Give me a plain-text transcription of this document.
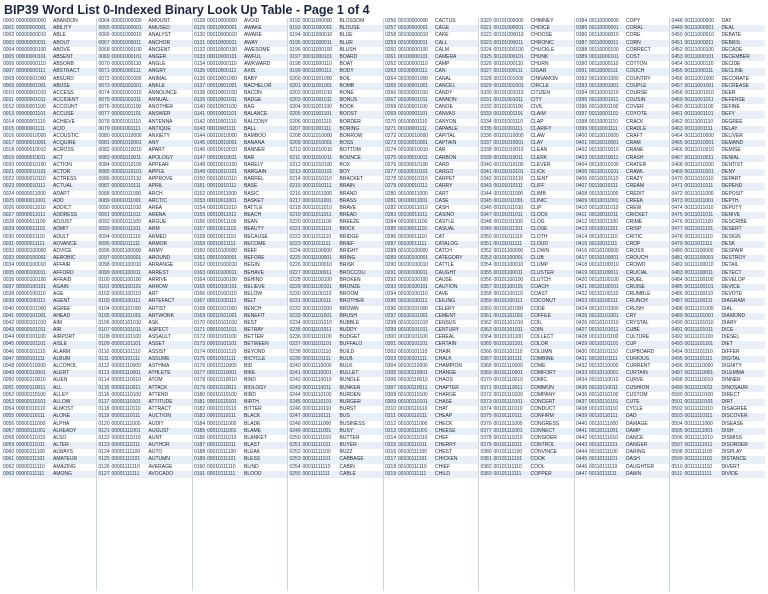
BIP39 Word List 0-Indexed Binary Look Up Table - Page 1 of 4
0000 00000000000 ABANDON
0001 00000000001 ABILITY
0002 00000000010 ABLE
0003 00000000011 ABOUT
0004 00000000100 ABOVE
0005 00000000101 ABSENT
0006 00000000110 ABSORB
0007 00000000111 ABSTRACT
0008 00000001000 ABSURD
0009 00000001001 ABUSE
0010 00000001010 ACCESS
0011 00000001011 ACCIDENT
0012 00000001100 ACCOUNT
0013 00000001101 ACCUSE
0014 00000001110 ACHIEVE
0015 00000001111 ACID
0016 00000010000 ACOUSTIC
0017 00000010001 ACQUIRE
0018 00000010010 ACROSS
0019 00000010011 ACT
0020 00000010100 ACTION
0021 00000010101 ACTOR
0022 00000010110 ACTRESS
0023 00000010111 ACTUAL
0024 00000011000 ADAPT
0025 00000011001 ADD
0026 00000011010 ADDICT
0027 00000011011 ADDRESS
0028 00000011100 ADJUST
0029 00000011101 ADMIT
0030 00000011110 ADULT
0031 00000011111 ADVANCE
0032 00000100000 ADVICE
0033 00000100001 AEROBIC
0034 00000100010 AFFAIR
0035 00000100011 AFFORD
0036 00000100100 AFRAID
0037 00000100101 AGAIN
0038 00000100110 AGE
0039 00000100111 AGENT
0040 00000101000 AGREE
0041 00000101001 AHEAD
0042 00000101010 AIM
0043 00000101011 AIR
0044 00000101100 AIRPORT
0045 00000101101 AISLE
0046 00000101110 ALARM
0047 00000101111 ALBUM
0048 00000110000 ALCOHOL
0049 00000110001 ALERT
0050 00000110010 ALIEN
0051 00000110011 ALL
0052 00000110100 ALLEY
0053 00000110101 ALLOW
0054 00000110110 ALMOST
0055 00000110111 ALONE
0056 00000111000 ALPHA
0057 00000111001 ALREADY
0058 00000111010 ALSO
0059 00000111011 ALTER
0060 00000111100 ALWAYS
0061 00000111101 AMATEUR
0062 00000111110 AMAZING
0063 00000111111 AMONG
0064 00001000000 AMOUNT
0065 00001000001 AMUSED
0066 00001000010 ANALYST
0067 00001000011 ANCHOR
0068 00001000100 ANCIENT
0069 00001000101 ANGER
0070 00001000110 ANGLE
0071 00001000111 ANGRY
0072 00001001000 ANIMAL
0073 00001001001 ANKLE
0074 00001001010 ANNOUNCE
0075 00001001011 ANNUAL
0076 00001001100 ANOTHER
0077 00001001101 ANSWER
0078 00001001110 ANTENNA
0079 00001001111 ANTIQUE
0080 00001010000 ANXIETY
0081 00001010001 ANY
0082 00001010010 APART
0083 00001010011 APOLOGY
0084 00001010100 APPEAR
0085 00001010101 APPLE
0086 00001010110 APPROVE
0087 00001010111 APRIL
0088 00001011000 ARCH
0089 00001011001 ARCTIC
0090 00001011010 AREA
0091 00001011011 ARENA
0092 00001011100 ARGUE
0093 00001011101 ARM
0094 00001011110 ARMED
0095 00001011111 ARMOR
0096 00001100000 ARMY
0097 00001100001 AROUND
0098 00001100010 ARRANGE
0099 00001100011 ARREST
0100 00001100100 ARRIVE
0101 00001100101 ARROW
0102 00001100110 ART
0103 00001100111 ARTEFACT
0104 00001101000 ARTIST
0105 00001101001 ARTWORK
0106 00001101010 ASK
0107 00001101011 ASPECT
0108 00001101100 ASSAULT
0109 00001101101 ASSET
0110 00001101110 ASSIST
0111 00001101111 ASSUME
0112 00001110000 ASTHMA
0113 00001110001 ATHLETE
0114 00001110010 ATOM
0115 00001110011 ATTACK
0116 00001110100 ATTEND
0117 00001110101 ATTITUDE
0118 00001110110 ATTRACT
0119 00001110111 AUCTION
0120 00001111000 AUDIT
0121 00001111001 AUGUST
0122 00001111010 AUNT
0123 00001111011 AUTHOR
0124 00001111100 AUTO
0125 00001111101 AUTUMN
0126 00001111110 AVERAGE
0127 00001111111 AVOCADO
0128 00010000000 AVOID
0129 00010000001 AWAKE
0130 00010000010 AWARE
0131 00010000011 AWAY
0132 00010000100 AWESOME
0133 00010000101 AWFUL
0134 00010000110 AWKWARD
0135 00010000111 AXIS
0136 00010001000 BABY
0137 00010001001 BACHELOR
0138 00010001010 BACON
0139 00010001011 BADGE
0140 00010001100 BAG
0141 00010001101 BALANCE
0142 00010001110 BALCONY
0143 00010001111 BALL
0144 00010010000 BAMBOO
0145 00010010001 BANANA
0146 00010010010 BANNER
0147 00010010011 BAR
0148 00010010100 BARELY
0149 00010010101 BARGAIN
0150 00010010110 BARREL
0151 00010010111 BASE
0152 00010011000 BASIC
0153 00010011001 BASKET
0154 00010011010 BATTLE
0155 00010011011 BEACH
0156 00010011100 BEAN
0157 00010011101 BEAUTY
0158 00010011110 BECAUSE
0159 00010011111 BECOME
0160 00010100000 BEEF
0161 00010100001 BEFORE
0162 00010100010 BEGIN
0163 00010100011 BEHAVE
0164 00010100100 BEHIND
0165 00010100101 BELIEVE
0166 00010100110 BELOW
0167 00010100111 BELT
0168 00010101000 BENCH
0169 00010101001 BENEFIT
0170 00010101010 BEST
0171 00010101011 BETRAY
0172 00010101100 BETTER
0173 00010101101 BETWEEN
0174 00010101110 BEYOND
0175 00010101111 BICYCLE
0176 00010110000 BID
0177 00010110001 BIKE
0178 00010110010 BIND
0179 00010110011 BIOLOGY
0180 00010110100 BIRD
0181 00010110101 BIRTH
0182 00010110110 BITTER
0183 00010110111 BLACK
0184 00010111000 BLADE
0185 00010111001 BLAME
0186 00010111010 BLANKET
0187 00010111011 BLAST
0188 00010111100 BLEAK
0189 00010111101 BLESS
0190 00010111110 BLIND
0191 00010111111 BLOOD
0192 00011000000 BLOSSOM
0193 00011000001 BLOUSE
0194 00011000010 BLUE
0195 00011000011 BLUR
0196 00011000100 BLUSH
0197 00011000101 BOARD
0198 00011000110 BOAT
0199 00011000111 BODY
0200 00011001000 BOIL
0201 00011001001 BOMB
0202 00011001010 BONE
0203 00011001011 BONUS
0204 00011001100 BOOK
0205 00011001101 BOOST
0206 00011001110 BORDER
0207 00011001111 BORING
0208 00011010000 BORROW
0209 00011010001 BOSS
0210 00011010010 BOTTOM
0211 00011010011 BOUNCE
0212 00011010100 BOX
0213 00011010101 BOY
0214 00011010110 BRACKET
0215 00011010111 BRAIN
0216 00011011000 BRAND
0217 00011011001 BRASS
0218 00011011010 BRAVE
0219 00011011011 BREAD
0220 00011011100 BREEZE
0221 00011011101 BRICK
0222 00011011110 BRIDGE
0223 00011011111 BRIEF
0224 00011100000 BRIGHT
0225 00011100001 BRING
0226 00011100010 BRISK
0227 00011100011 BROCCOLI
0228 00011100100 BROKEN
0229 00011100101 BRONZE
0230 00011100110 BROOM
0231 00011100111 BROTHER
0232 00011101000 BROWN
0233 00011101001 BRUSH
0234 00011101010 BUBBLE
0235 00011101011 BUDDY
0236 00011101100 BUDGET
0237 00011101101 BUFFALO
0238 00011101110 BUILD
0239 00011101111 BULB
0240 00011110000 BULK
0241 00011110001 BULLET
0242 00011110010 BUNDLE
0243 00011110011 BUNKER
0244 00011110100 BURDEN
0245 00011110101 BURGER
0246 00011110110 BURST
0247 00011110111 BUS
0248 00011111000 BUSINESS
0249 00011111001 BUSY
0250 00011111010 BUTTER
0251 00011111011 BUYER
0252 00011111100 BUZZ
0253 00011111101 CABBAGE
0254 00011111110 CABIN
0255 00011111111 CABLE
0256 00100000000 CACTUS
0257 00100000001 CAGE
0258 00100000010 CAKE
0259 00100000011 CALL
0260 00100000100 CALM
0261 00100000101 CAMERA
0262 00100000110 CAMP
0263 00100000111 CAN
0264 00100001000 CANAL
0265 00100001001 CANCEL
0266 00100001010 CANDY
0267 00100001011 CANNON
0268 00100001100 CANOE
0269 00100001101 CANVAS
0270 00100001110 CANYON
0271 00100001111 CAPABLE
0272 00100010000 CAPITAL
0273 00100010001 CAPTAIN
0274 00100010010 CAR
0275 00100010011 CARBON
0276 00100010100 CARD
0277 00100010101 CARGO
0278 00100010110 CARPET
0279 00100010111 CARRY
0280 00100011000 CART
0281 00100011001 CASE
0282 00100011010 CASH
0283 00100011011 CASINO
0284 00100011100 CASTLE
0285 00100011101 CASUAL
0286 00100011110 CAT
0287 00100011111 CATALOG
0288 00100100000 CATCH
0289 00100100001 CATEGORY
0290 00100100010 CATTLE
0291 00100100011 CAUGHT
0292 00100100100 CAUSE
0293 00100100101 CAUTION
0294 00100100110 CAVE
0295 00100100111 CEILING
0296 00100101000 CELERY
0297 00100101001 CEMENT
0298 00100101010 CENSUS
0299 00100101011 CENTURY
0300 00100101100 CEREAL
0301 00100101101 CERTAIN
0302 00100101110 CHAIR
0303 00100101111 CHALK
0304 00100110000 CHAMPION
0305 00100110001 CHANGE
0306 00100110010 CHAOS
0307 00100110011 CHAPTER
0308 00100110100 CHARGE
0309 00100110101 CHASE
0310 00100110110 CHAT
0311 00100110111 CHEAP
0312 00100111000 CHECK
0313 00100111001 CHEESE
0314 00100111010 CHEF
0315 00100111011 CHERRY
0316 00100111100 CHEST
0317 00100111101 CHICKEN
0318 00100111110 CHIEF
0319 00100111111 CHILD
0320 00101000000 CHIMNEY
0321 00101000001 CHOICE
0322 00101000010 CHOOSE
0323 00101000011 CHRONIC
0324 00101000100 CHUCKLE
0325 00101000101 CHUNK
0326 00101000110 CHURN
0327 00101000111 CIGAR
0328 00101001000 CINNAMON
0329 00101001001 CIRCLE
0330 00101001010 CITIZEN
0331 00101001011 CITY
0332 00101001100 CIVIL
0333 00101001101 CLAIM
0334 00101001110 CLAP
0335 00101001111 CLARIFY
0336 00101010000 CLAW
0337 00101010001 CLAY
0338 00101010010 CLEAN
0339 00101010011 CLERK
0340 00101010100 CLEVER
0341 00101010101 CLICK
0342 00101010110 CLIENT
0343 00101010111 CLIFF
0344 00101011000 CLIMB
0345 00101011001 CLINIC
0346 00101011010 CLIP
0347 00101011011 CLOCK
0348 00101011100 CLOG
0349 00101011101 CLOSE
0350 00101011110 CLOTH
0351 00101011111 CLOUD
0352 00101100000 CLOWN
0353 00101100001 CLUB
0354 00101100010 CLUMP
0355 00101100011 CLUSTER
0356 00101100100 CLUTCH
0357 00101100101 COACH
0358 00101100110 COAST
0359 00101100111 COCONUT
0360 00101101000 CODE
0361 00101101001 COFFEE
0362 00101101010 COIL
0363 00101101011 COIN
0364 00101101100 COLLECT
0365 00101101101 COLOR
0366 00101101110 COLUMN
0367 00101101111 COMBINE
0368 00101110000 COME
0369 00101110001 COMFORT
0370 00101110010 COMIC
0371 00101110011 COMMON
0372 00101110100 COMPANY
0373 00101110101 CONCERT
0374 00101110110 CONDUCT
0375 00101110111 CONFIRM
0376 00101111000 CONGRESS
0377 00101111001 CONNECT
0378 00101111010 CONSIDER
0379 00101111011 CONTROL
0380 00101111100 CONVINCE
0381 00101111101 COOK
0382 00101111110 COOL
0383 00101111111 COPPER
0384 00110000000 COPY
0385 00110000001 CORAL
0386 00110000010 CORE
0387 00110000011 CORN
0388 00110000100 CORRECT
0389 00110000101 COST
0390 00110000110 COTTON
0391 00110000111 COUCH
0392 00110001000 COUNTRY
0393 00110001001 COUPLE
0394 00110001010 COURSE
0395 00110001011 COUSIN
0396 00110001100 COVER
0397 00110001101 COYOTE
0398 00110001110 CRACK
0399 00110001111 CRADLE
0400 00110010000 CRAFT
0401 00110010001 CRAM
0402 00110010010 CRANE
0403 00110010011 CRASH
0404 00110010100 CRATER
0405 00110010101 CRAWL
0406 00110010110 CRAZY
0407 00110010111 CREAM
0408 00110011000 CREDIT
0409 00110011001 CREEK
0410 00110011010 CREW
0411 00110011011 CRICKET
0412 00110011100 CRIME
0413 00110011101 CRISP
0414 00110011110 CRITIC
0415 00110011111 CROP
0416 00110100000 CROSS
0417 00110100001 CROUCH
0418 00110100010 CROWD
0419 00110100011 CRUCIAL
0420 00110100100 CRUEL
0421 00110100101 CRUISE
0422 00110100110 CRUMBLE
0423 00110100111 CRUNCH
0424 00110101000 CRUSH
0425 00110101001 CRY
0426 00110101010 CRYSTAL
0427 00110101011 CUBE
0428 00110101100 CULTURE
0429 00110101101 CUP
0430 00110101110 CUPBOARD
0431 00110101111 CURIOUS
0432 00110110000 CURRENT
0433 00110110001 CURTAIN
0434 00110110010 CURVE
0435 00110110011 CUSHION
0436 00110110100 CUSTOM
0437 00110110101 CUTE
0438 00110110110 CYCLE
0439 00110110111 DAD
0440 00110111000 DAMAGE
0441 00110111001 DAMP
0442 00110111010 DANCE
0443 00110111011 DANGER
0444 00110111100 DARING
0445 00110111101 DASH
0446 00110111110 DAUGHTER
0447 00110111111 DAWN
0448 00111000000 DAY
0449 00111000001 DEAL
0450 00111000010 DEBATE
0451 00111000011 DEBRIS
0452 00111000100 DECADE
0453 00111000101 DECEMBER
0454 00111000110 DECIDE
0455 00111000111 DECLINE
0456 00111001000 DECORATE
0457 00111001001 DECREASE
0458 00111001010 DEER
0459 00111001011 DEFENSE
0460 00111001100 DEFINE
0461 00111001101 DEFY
0462 00111001110 DEGREE
0463 00111001111 DELAY
0464 00111010000 DELIVER
0465 00111010001 DEMAND
0466 00111010010 DEMISE
0467 00111010011 DENIAL
0468 00111010100 DENTIST
0469 00111010101 DENY
0470 00111010110 DEPART
0471 00111010111 DEPEND
0472 00111011000 DEPOSIT
0473 00111011001 DEPTH
0474 00111011010 DEPUTY
0475 00111011011 DERIVE
0476 00111011100 DESCRIBE
0477 00111011101 DESERT
0478 00111011110 DESIGN
0479 00111011111 DESK
0480 00111100000 DESPAIR
0481 00111100001 DESTROY
0482 00111100010 DETAIL
0483 00111100011 DETECT
0484 00111100100 DEVELOP
0485 00111100101 DEVICE
0486 00111100110 DEVOTE
0487 00111100111 DIAGRAM
0488 00111101000 DIAL
0489 00111101001 DIAMOND
0490 00111101010 DIARY
0491 00111101011 DICE
0492 00111101100 DIESEL
0493 00111101101 DIET
0494 00111101110 DIFFER
0495 00111101111 DIGITAL
0496 00111110000 DIGNITY
0497 00111110001 DILEMMA
0498 00111110010 DINNER
0499 00111110011 DINOSAUR
0500 00111110100 DIRECT
0501 00111110101 DIRT
0502 00111110110 DISAGREE
0503 00111110111 DISCOVER
0504 00111111000 DISEASE
0505 00111111001 DISH
0506 00111111010 DISMISS
0507 00111111011 DISORDER
0508 00111111100 DISPLAY
0509 00111111101 DISTANCE
0510 00111111110 DIVERT
0511 00111111111 DIVIDE
